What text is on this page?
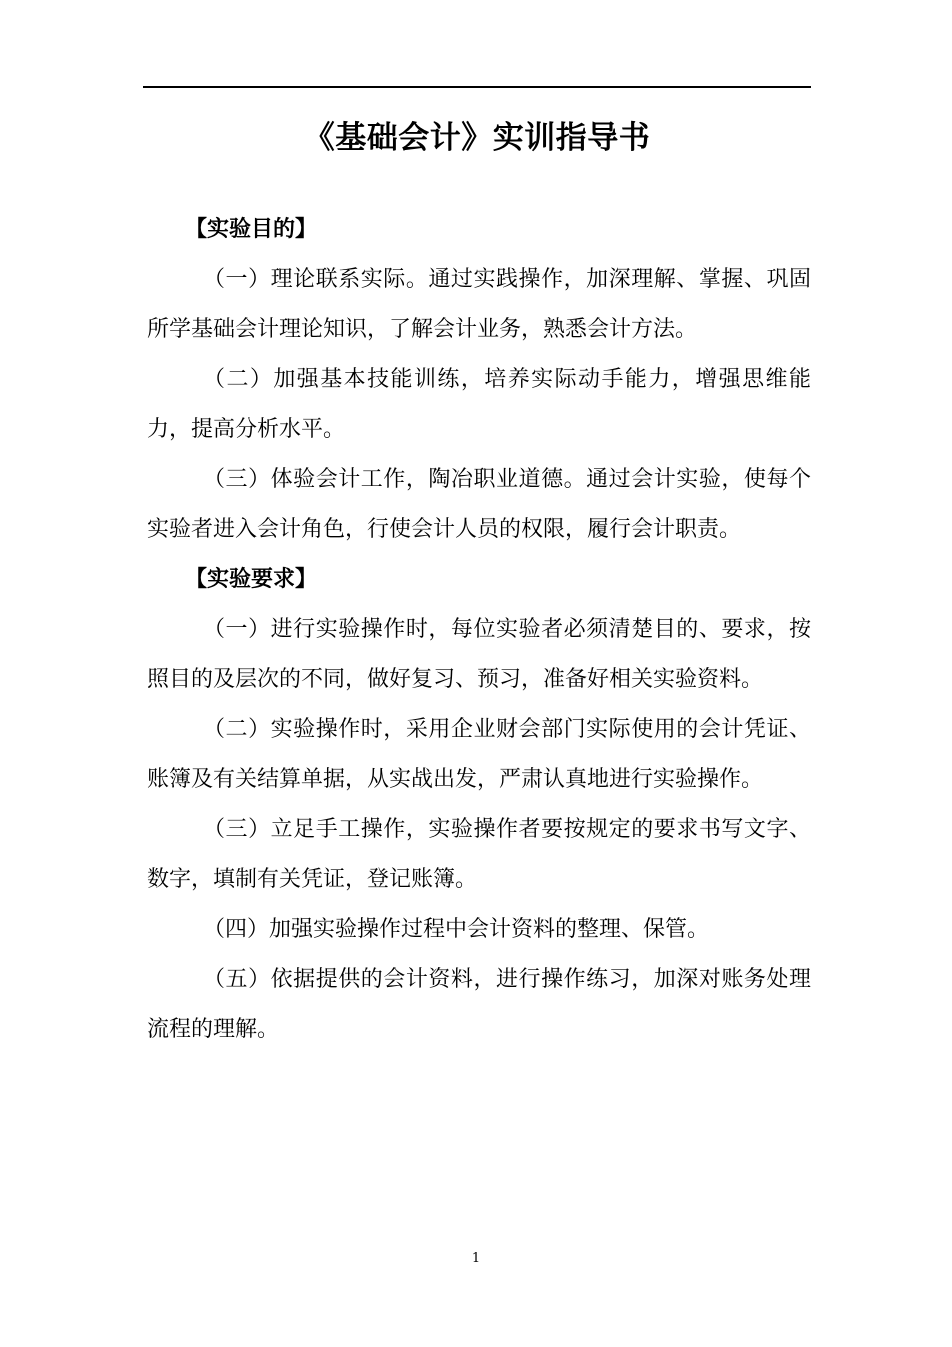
《基础会计》实训指导书
【实验目的】

（一）理论联系实际。通过实践操作，加深理解、掌握、巩固所学基础会计理论知识，了解会计业务，熟悉会计方法。

（二）加强基本技能训练，培养实际动手能力，增强思维能力，提高分析水平。

（三）体验会计工作，陶冶职业道德。通过会计实验，使每个实验者进入会计角色，行使会计人员的权限，履行会计职责。

【实验要求】

（一）进行实验操作时，每位实验者必须清楚目的、要求，按照目的及层次的不同，做好复习、预习，准备好相关实验资料。

（二）实验操作时，采用企业财会部门实际使用的会计凭证、账簿及有关结算单据，从实战出发，严肃认真地进行实验操作。

（三）立足手工操作，实验操作者要按规定的要求书写文字、数字，填制有关凭证，登记账簿。

（四）加强实验操作过程中会计资料的整理、保管。

（五）依据提供的会计资料，进行操作练习，加深对账务处理流程的理解。

1
